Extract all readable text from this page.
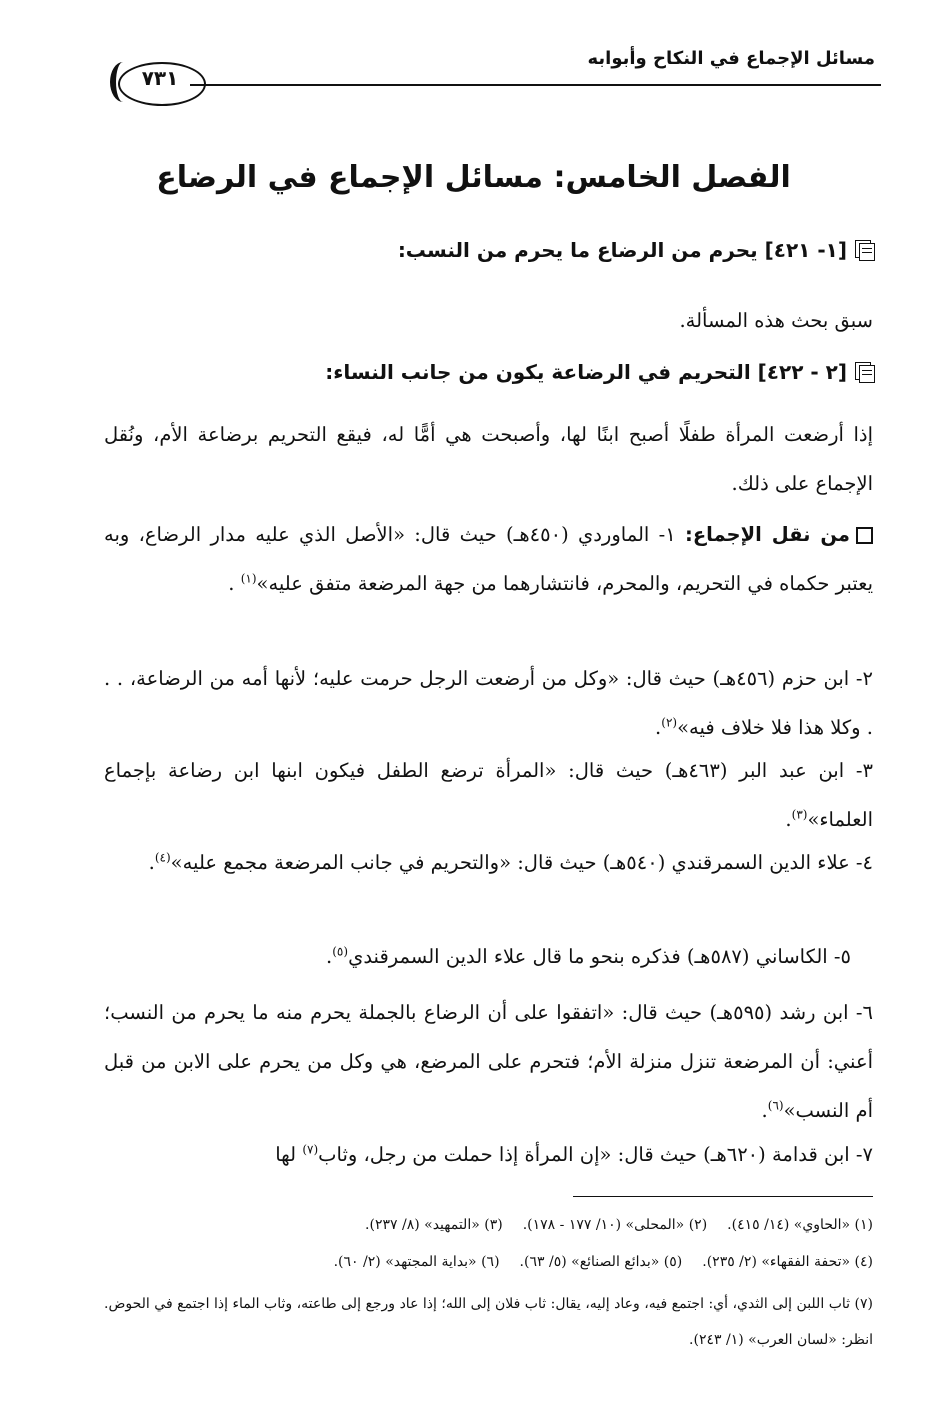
مسائل الإجماع في النكاح وأبوابه
٧٣١
الفصل الخامس: مسائل الإجماع في الرضاع
[١- ٤٢١] يحرم من الرضاع ما يحرم من النسب:
سبق بحث هذه المسألة.
[٢ - ٤٢٢] التحريم في الرضاعة يكون من جانب النساء:
إذا أرضعت المرأة طفلًا أصبح ابنًا لها، وأصبحت هي أمًّا له، فيقع التحريم برضاعة الأم، ونُقل الإجماع على ذلك.
من نقل الإجماع: ١- الماوردي (٤٥٠هـ) حيث قال: «الأصل الذي عليه مدار الرضاع، وبه يعتبر حكماه في التحريم، والمحرم، فانتشارهما من جهة المرضعة متفق عليه»$^{(١)}$ .
٢- ابن حزم (٤٥٦هـ) حيث قال: «وكل من أرضعت الرجل حرمت عليه؛ لأنها أمه من الرضاعة، . . . وكلا هذا فلا خلاف فيه»$^{(٢)}$.
٣- ابن عبد البر (٤٦٣هـ) حيث قال: «المرأة ترضع الطفل فيكون ابنها ابن رضاعة بإجماع العلماء»$^{(٣)}$.
٤- علاء الدين السمرقندي (٥٤٠هـ) حيث قال: «والتحريم في جانب المرضعة مجمع عليه»$^{(٤)}$.
٥- الكاساني (٥٨٧هـ) فذكره بنحو ما قال علاء الدين السمرقندي$^{(٥)}$.
٦- ابن رشد (٥٩٥هـ) حيث قال: «اتفقوا على أن الرضاع بالجملة يحرم منه ما يحرم من النسب؛ أعني: أن المرضعة تنزل منزلة الأم؛ فتحرم على المرضع، هي وكل من يحرم على الابن من قبل أم النسب»$^{(٦)}$.
٧- ابن قدامة (٦٢٠هـ) حيث قال: «إن المرأة إذا حملت من رجل، وثاب$^{(٧)}$ لها
(١) «الحاوي» (١٤/ ٤١٥).
(٢) «المحلى» (١٠/ ١٧٧ - ١٧٨).
(٣) «التمهيد» (٨/ ٢٣٧).
(٤) «تحفة الفقهاء» (٢/ ٢٣٥).
(٥) «بدائع الصنائع» (٥/ ٦٣).
(٦) «بداية المجتهد» (٢/ ٦٠).
(٧) ثاب اللبن إلى الثدي، أي: اجتمع فيه، وعاد إليه، يقال: ثاب فلان إلى الله؛ إذا عاد ورجع إلى طاعته، وثاب الماء إذا اجتمع في الحوض. انظر: «لسان العرب» (١/ ٢٤٣).
